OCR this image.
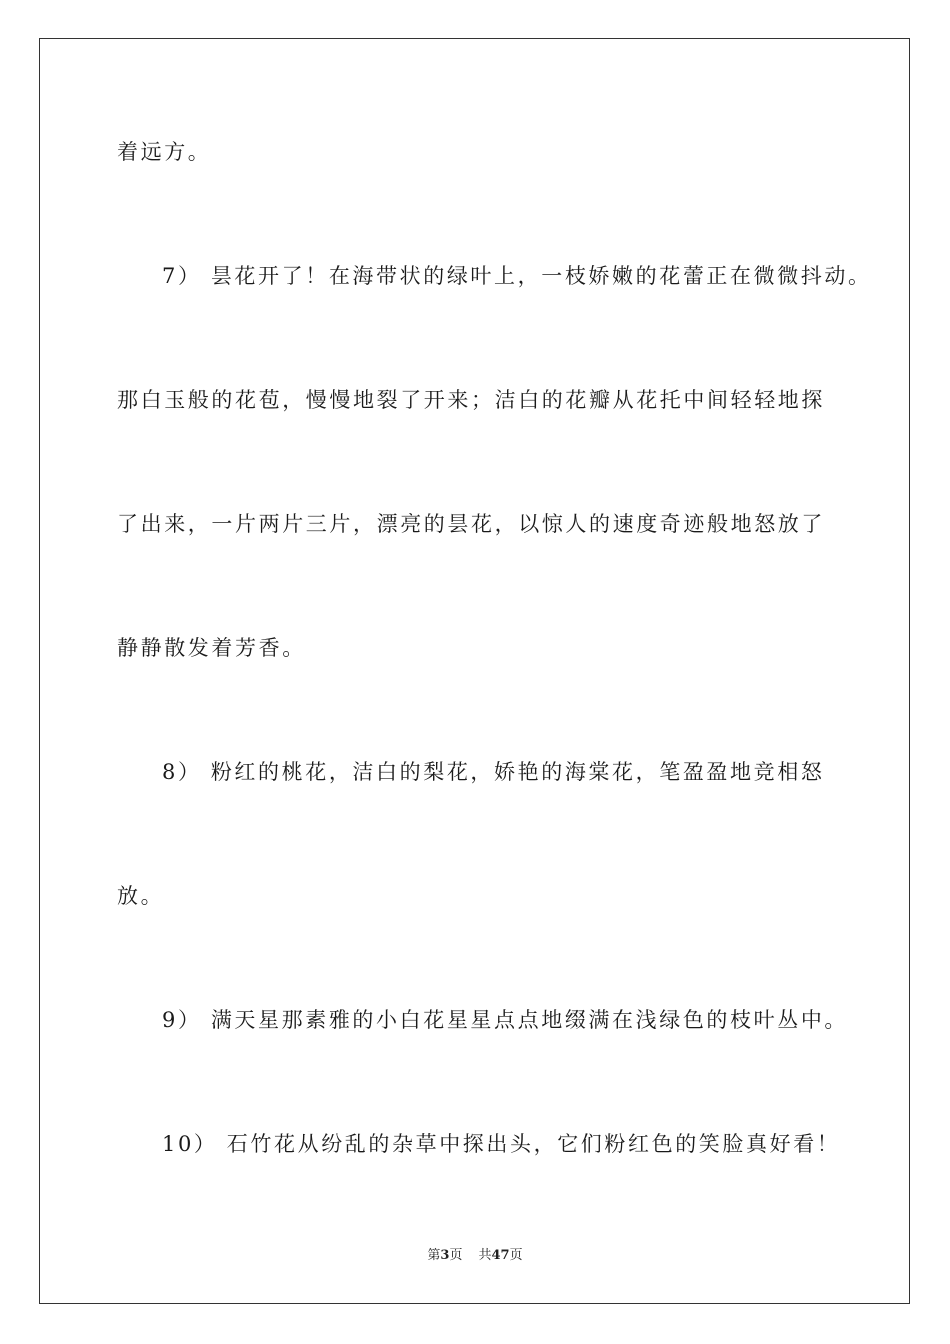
着远方。
7） 昙花开了！在海带状的绿叶上，一枝娇嫩的花蕾正在微微抖动。
那白玉般的花苞，慢慢地裂了开来；洁白的花瓣从花托中间轻轻地探
了出来，一片两片三片，漂亮的昙花，以惊人的速度奇迹般地怒放了
静静散发着芳香。
8） 粉红的桃花，洁白的梨花，娇艳的海棠花，笔盈盈地竞相怒
放。
9） 满天星那素雅的小白花星星点点地缀满在浅绿色的枝叶丛中。
10） 石竹花从纷乱的杂草中探出头，它们粉红色的笑脸真好看！
第3页 共47页
